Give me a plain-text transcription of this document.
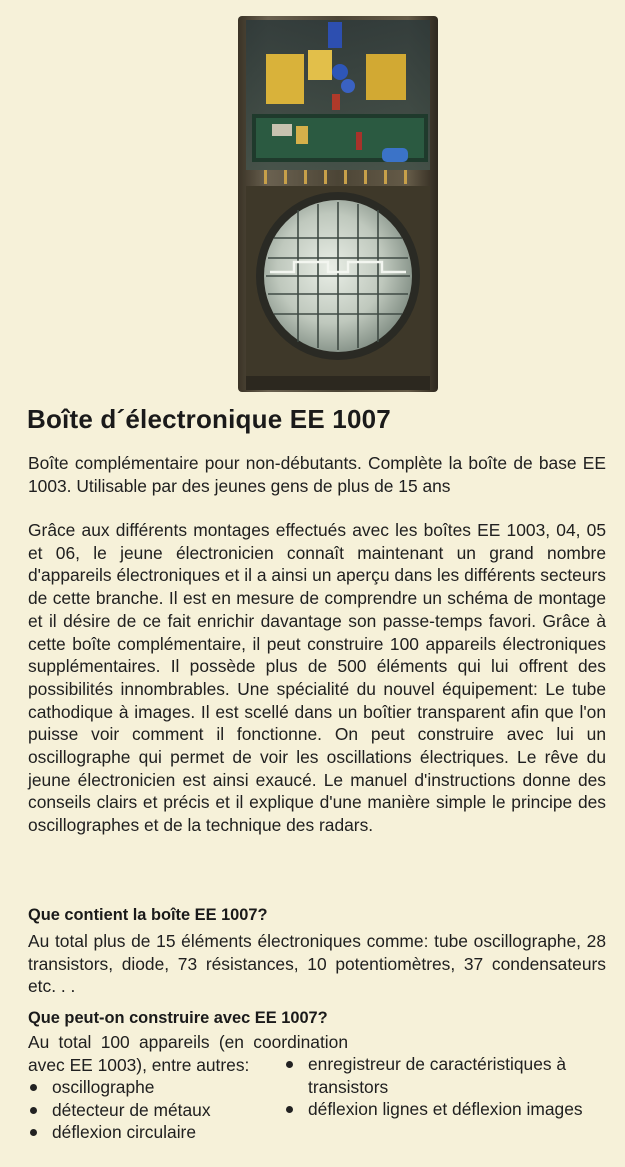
Boîte d´électronique EE 1007

Boîte complémentaire pour non-débutants. Complète la boîte de base EE 1003. Utilisable par des jeunes gens de plus de 15 ans

Grâce aux différents montages effectués avec les boîtes EE 1003, 04, 05 et 06, le jeune électronicien connaît maintenant un grand nombre d'appareils électroniques et il a ainsi un aperçu dans les différents secteurs de cette branche. Il est en mesure de comprendre un schéma de montage et il désire de ce fait enrichir davantage son passe-temps favori. Grâce à cette boîte complémentaire, il peut construire 100 appareils électroniques supplémentaires. Il possède plus de 500 éléments qui lui offrent des possibilités innombrables. Une spécialité du nouvel équipement: Le tube cathodique à images. Il est scellé dans un boîtier transparent afin que l'on puisse voir comment il fonctionne. On peut construire avec lui un oscillographe qui permet de voir les oscillations électriques. Le rêve du jeune électronicien est ainsi exaucé. Le manuel d'instructions donne des conseils clairs et précis et il explique d'une manière simple le principe des oscillographes et de la technique des radars.

Que contient la boîte EE 1007?

Au total plus de 15 éléments électroniques comme: tube oscillographe, 28 transistors, diode, 73 résistances, 10 potentiomètres, 37 condensateurs etc. . .

Que peut-on construire avec EE 1007?

Au total 100 appareils (en coordination avec EE 1003), entre autres:

oscillographe
détecteur de métaux
déflexion circulaire
enregistreur de caractéristiques à transistors
déflexion lignes et déflexion images
